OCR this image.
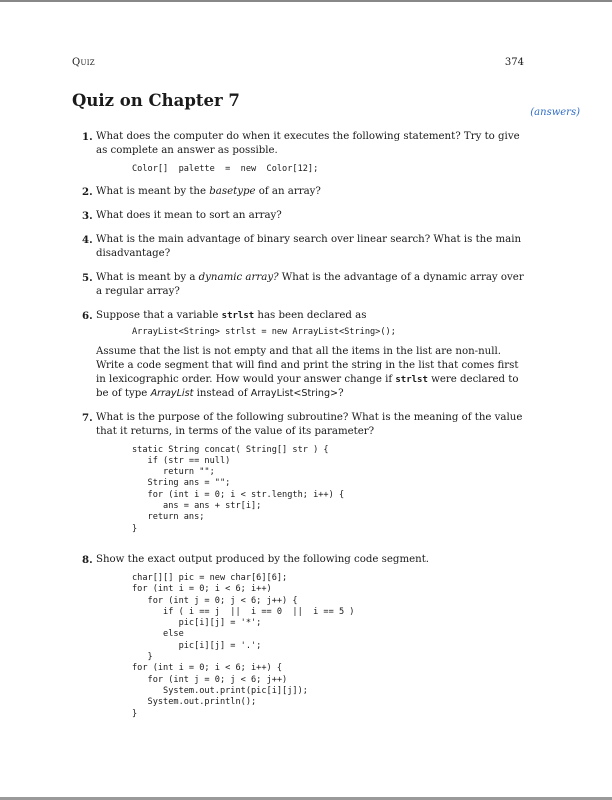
Quiz	374
Quiz on Chapter 7
(answers)
1. What does the computer do when it executes the following statement? Try to give as complete an answer as possible.
Color[]  palette  =  new  Color[12];
2. What is meant by the basetype of an array?
3. What does it mean to sort an array?
4. What is the main advantage of binary search over linear search? What is the main disadvantage?
5. What is meant by a dynamic array? What is the advantage of a dynamic array over a regular array?
6. Suppose that a variable strlst has been declared as
ArrayList<String> strlst = new ArrayList<String>();
Assume that the list is not empty and that all the items in the list are non-null. Write a code segment that will find and print the string in the list that comes first in lexicographic order. How would your answer change if strlst were declared to be of type ArrayList instead of ArrayList<String>?
7. What is the purpose of the following subroutine? What is the meaning of the value that it returns, in terms of the value of its parameter?
static String concat( String[] str ) {
if (str == null)
return "";
String ans = "";
for (int i = 0; i < str.length; i++) {
ans = ans + str[i];
return ans;
}
8. Show the exact output produced by the following code segment.
char[][] pic = new char[6][6];
for (int i = 0; i < 6; i++)
for (int j = 0; j < 6; j++) {
if ( i == j  ||  i == 0  ||  i == 5 )
pic[i][j] = '*';
else
pic[i][j] = '.';
}
for (int i = 0; i < 6; i++) {
for (int j = 0; j < 6; j++)
System.out.print(pic[i][j]);
System.out.println();
}
